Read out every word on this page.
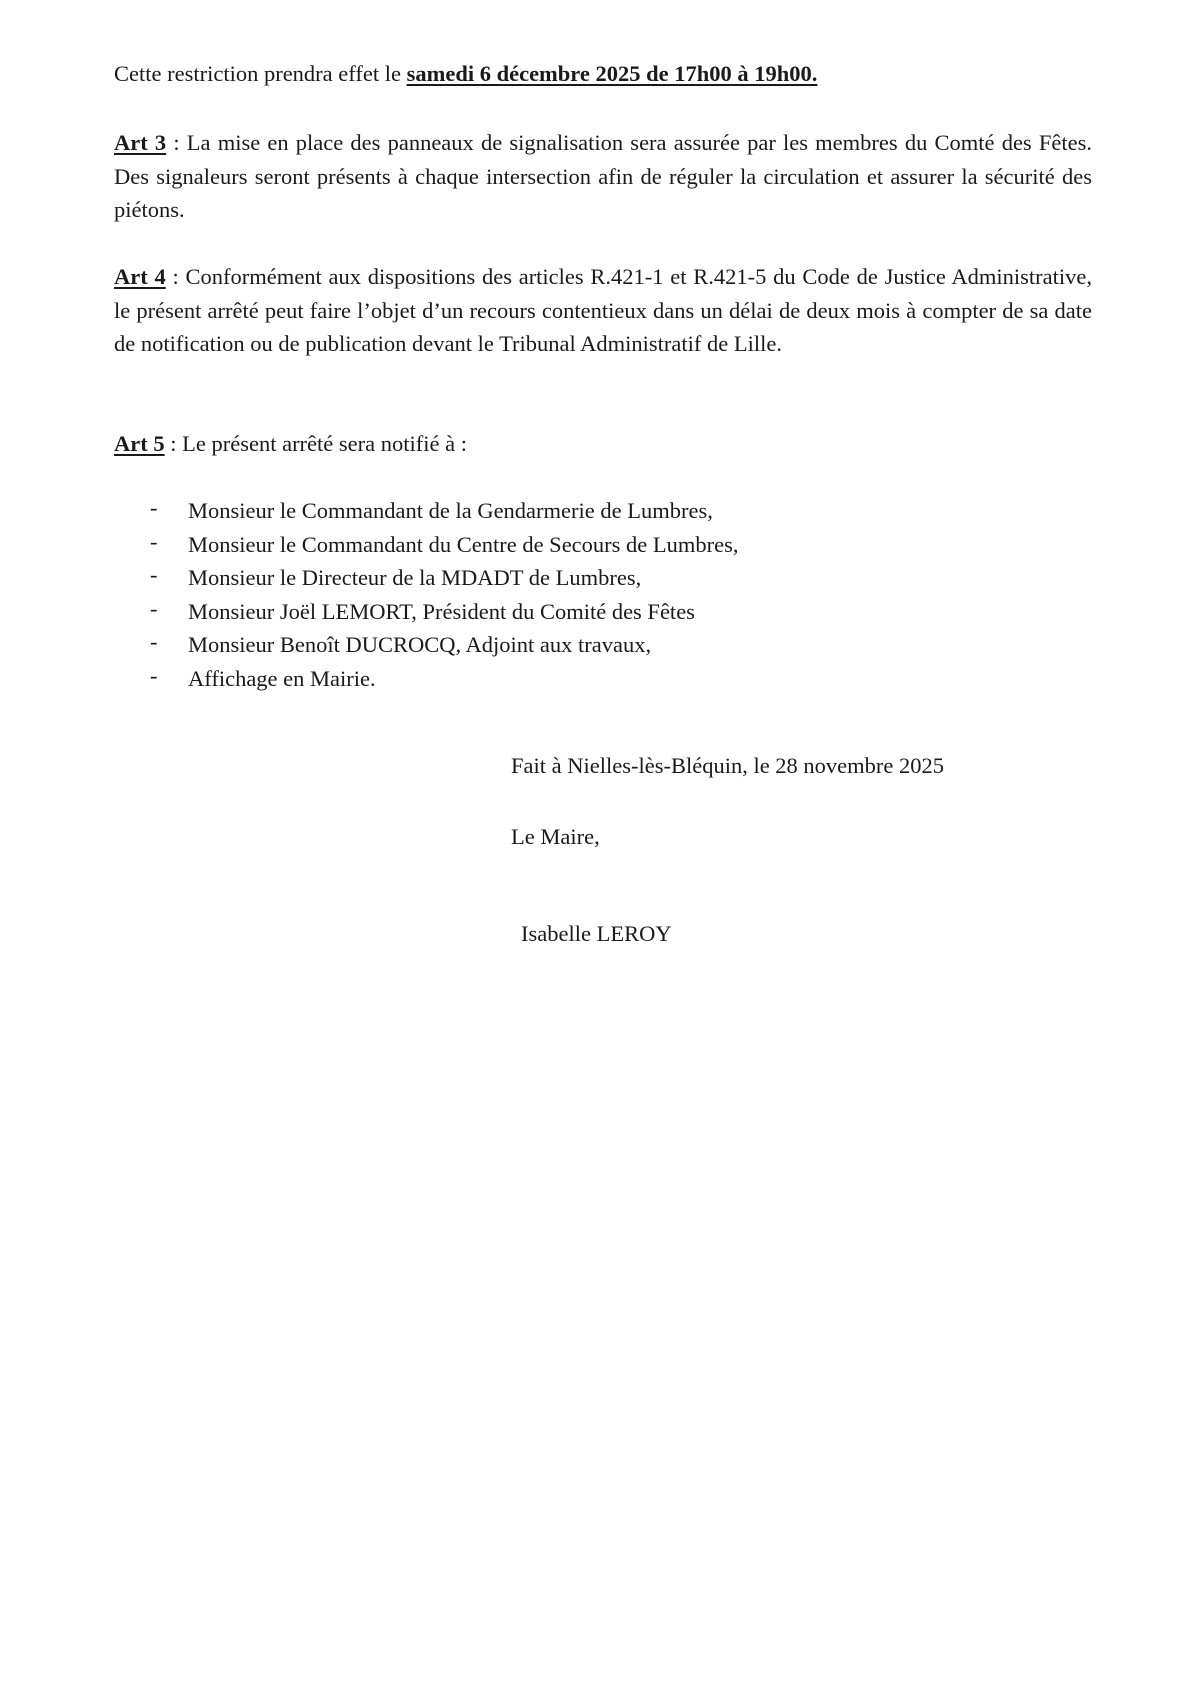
Cette restriction prendra effet le samedi 6 décembre 2025 de 17h00 à 19h00.

Art 3 : La mise en place des panneaux de signalisation sera assurée par les membres du Comté des Fêtes. Des signaleurs seront présents à chaque intersection afin de réguler la circulation et assurer la sécurité des piétons.

Art 4 : Conformément aux dispositions des articles R.421-1 et R.421-5 du Code de Justice Administrative, le présent arrêté peut faire l’objet d’un recours contentieux dans un délai de deux mois à compter de sa date de notification ou de publication devant le Tribunal Administratif de Lille.

Art 5 : Le présent arrêté sera notifié à :

- Monsieur le Commandant de la Gendarmerie de Lumbres,
- Monsieur le Commandant du Centre de Secours de Lumbres,
- Monsieur le Directeur de la MDADT de Lumbres,
- Monsieur Joël LEMORT, Président du Comité des Fêtes
- Monsieur Benoît DUCROCQ, Adjoint aux travaux,
- Affichage en Mairie.
Fait à Nielles-lès-Bléquin, le 28 novembre 2025
Le Maire,
Isabelle LEROY
